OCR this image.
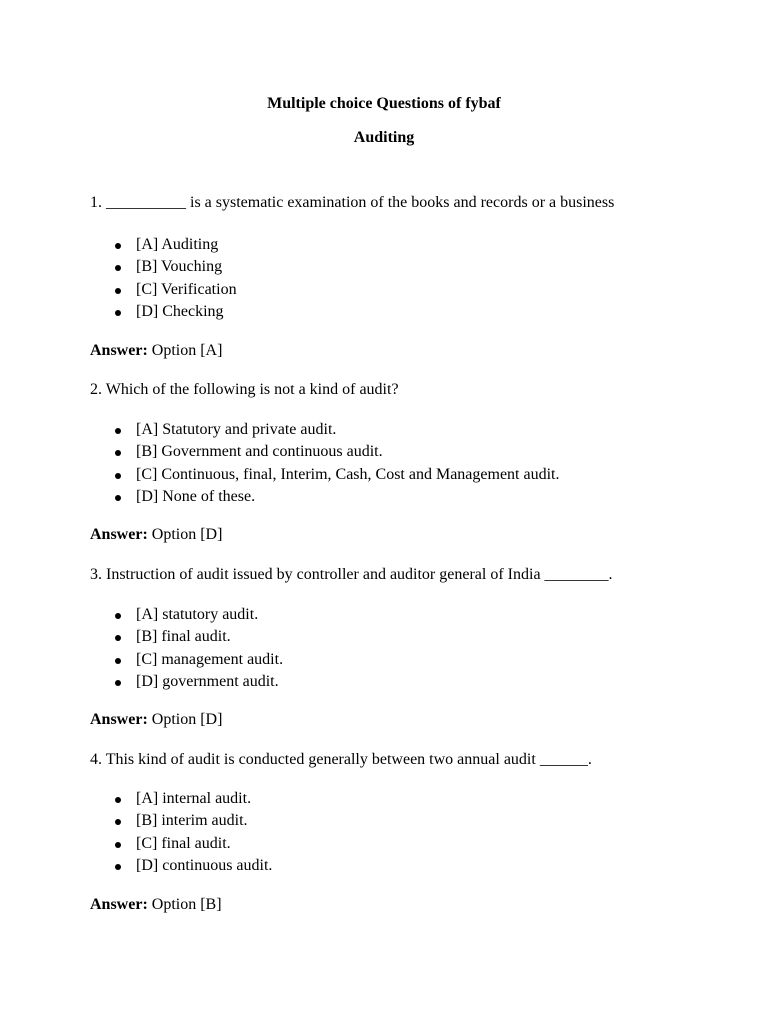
Multiple choice Questions of fybaf
Auditing
1. __________ is a systematic examination of the books and records or a business
[A] Auditing
[B] Vouching
[C] Verification
[D] Checking
Answer: Option [A]
2. Which of the following is not a kind of audit?
[A] Statutory and private audit.
[B] Government and continuous audit.
[C] Continuous, final, Interim, Cash, Cost and Management audit.
[D] None of these.
Answer: Option [D]
3. Instruction of audit issued by controller and auditor general of India ________.
[A] statutory audit.
[B] final audit.
[C] management audit.
[D] government audit.
Answer: Option [D]
4. This kind of audit is conducted generally between two annual audit ______.
[A] internal audit.
[B] interim audit.
[C] final audit.
[D] continuous audit.
Answer: Option [B]
